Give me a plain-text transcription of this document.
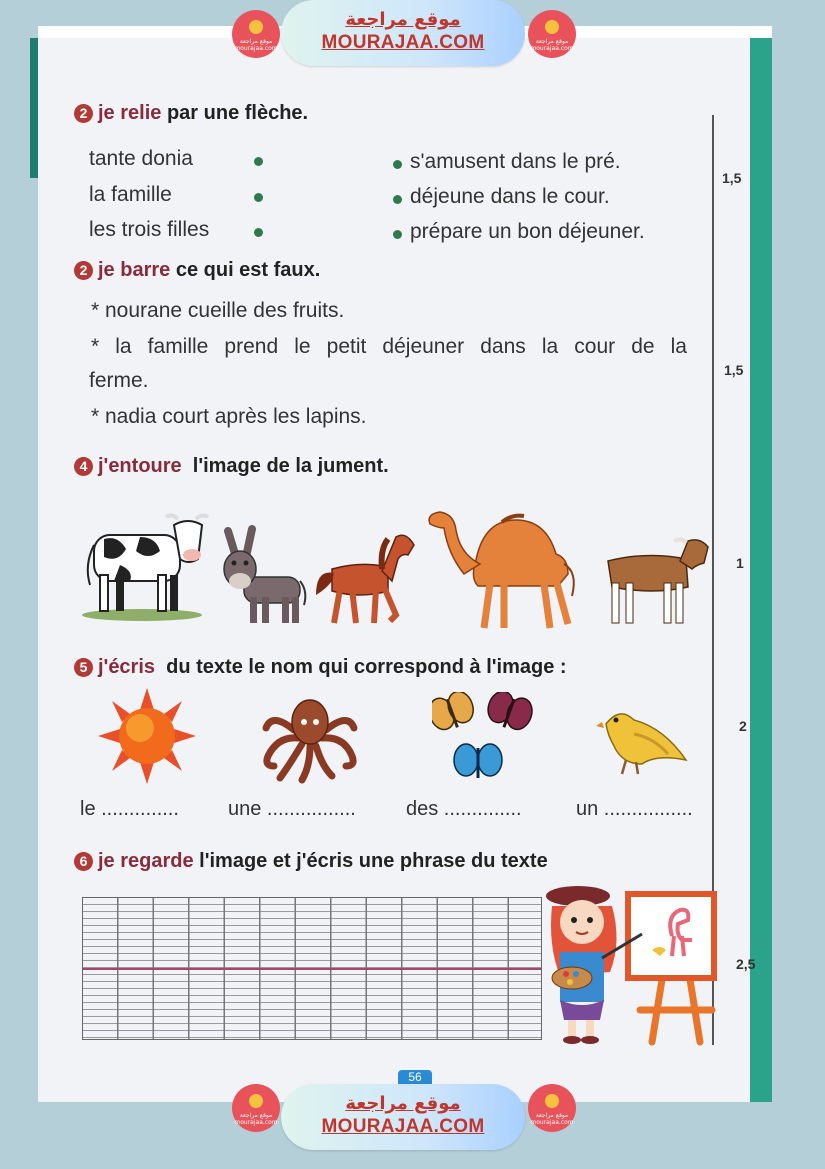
موقع مراجعة mourajaa.com
موقع مراجعة
MOURAJAA.COM	موقع مراجعة mourajaa.com
2 je relie par une flèche.
tante donia
la famille
les trois filles
s'amusent dans le pré.
déjeune dans le cour.
prépare un bon déjeuner.
1,5
2 je barre ce qui est faux.
* nourane cueille des fruits.
* la famille prend le petit déjeuner dans la cour de la
ferme.
* nadia court après les lapins.
1,5
4 j'entoure l'image de la jument.
1
5 j'écris du texte le nom qui correspond à l'image :
le .............. une ................	des ..............	un ................
2
6 je regarde l'image et j'écris une phrase du texte
2,5
56
موقع مراجعة mourajaa.com
موقع مراجعة
MOURAJAA.COM
موقع مراجعة mourajaa.com
